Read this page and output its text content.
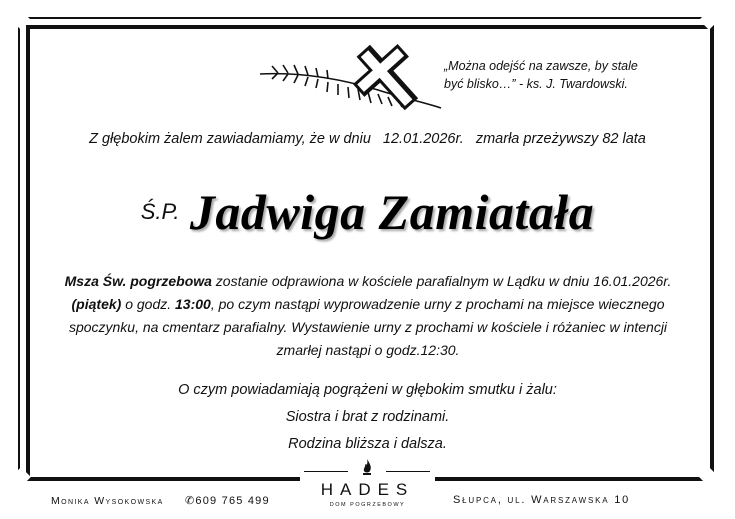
„Można odejść na zawsze, by stale
być blisko…” - ks. J. Twardowski.
Z głębokim żalem zawiadamiamy, że w dniu 12.01.2026r. zmarła przeżywszy 82 lata
Ś.P. Jadwiga Zamiatała
Msza Św. pogrzebowa zostanie odprawiona w kościele parafialnym w Lądku w dniu 16.01.2026r. (piątek) o godz. 13:00, po czym nastąpi wyprowadzenie urny z prochami na miejsce wiecznego spoczynku, na cmentarz parafialny. Wystawienie urny z prochami w kościele i różaniec w intencji zmarłej nastąpi o godz.12:30.
O czym powiadamiają pogrążeni w głębokim smutku i żalu:
Siostra i brat z rodzinami.
Rodzina bliższa i dalsza.
HADES
DOM POGRZEBOWY
Monika Wysokowska ✆609 765 499	Słupca, ul. Warszawska 10
